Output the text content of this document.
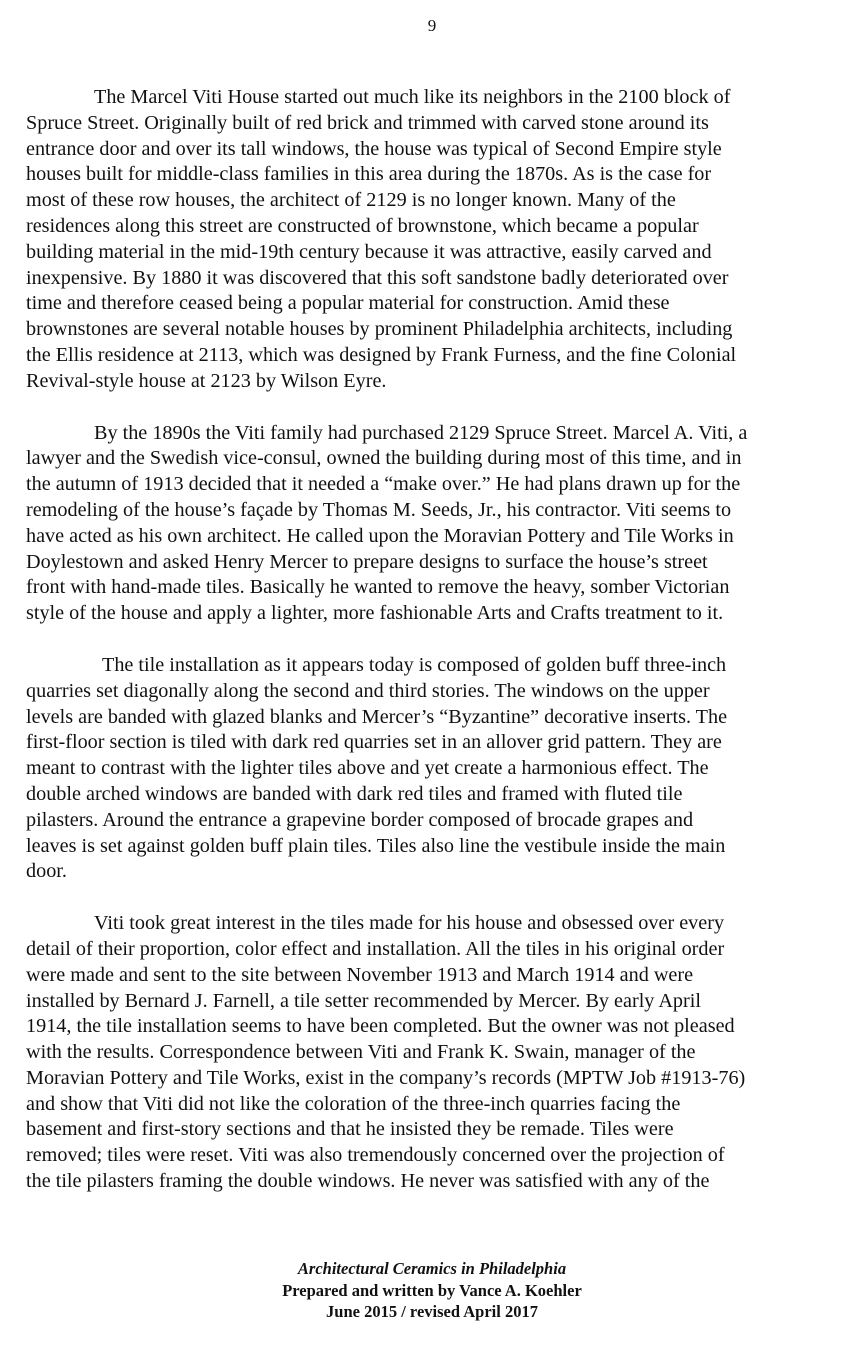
9

The Marcel Viti House started out much like its neighbors in the 2100 block of
Spruce Street. Originally built of red brick and trimmed with carved stone around its
entrance door and over its tall windows, the house was typical of Second Empire style
houses built for middle-class families in this area during the 1870s. As is the case for
most of these row houses, the architect of 2129 is no longer known. Many of the
residences along this street are constructed of brownstone, which became a popular
building material in the mid-19th century because it was attractive, easily carved and
inexpensive. By 1880 it was discovered that this soft sandstone badly deteriorated over
time and therefore ceased being a popular material for construction. Amid these
brownstones are several notable houses by prominent Philadelphia architects, including
the Ellis residence at 2113, which was designed by Frank Furness, and the fine Colonial
Revival-style house at 2123 by Wilson Eyre.

By the 1890s the Viti family had purchased 2129 Spruce Street. Marcel A. Viti, a
lawyer and the Swedish vice-consul, owned the building during most of this time, and in
the autumn of 1913 decided that it needed a “make over.” He had plans drawn up for the
remodeling of the house’s façade by Thomas M. Seeds, Jr., his contractor. Viti seems to
have acted as his own architect. He called upon the Moravian Pottery and Tile Works in
Doylestown and asked Henry Mercer to prepare designs to surface the house’s street
front with hand-made tiles. Basically he wanted to remove the heavy, somber Victorian
style of the house and apply a lighter, more fashionable Arts and Crafts treatment to it.

The tile installation as it appears today is composed of golden buff three-inch
quarries set diagonally along the second and third stories. The windows on the upper
levels are banded with glazed blanks and Mercer’s “Byzantine” decorative inserts. The
first-floor section is tiled with dark red quarries set in an allover grid pattern. They are
meant to contrast with the lighter tiles above and yet create a harmonious effect. The
double arched windows are banded with dark red tiles and framed with fluted tile
pilasters. Around the entrance a grapevine border composed of brocade grapes and
leaves is set against golden buff plain tiles. Tiles also line the vestibule inside the main
door.

Viti took great interest in the tiles made for his house and obsessed over every
detail of their proportion, color effect and installation. All the tiles in his original order
were made and sent to the site between November 1913 and March 1914 and were
installed by Bernard J. Farnell, a tile setter recommended by Mercer. By early April
1914, the tile installation seems to have been completed. But the owner was not pleased
with the results. Correspondence between Viti and Frank K. Swain, manager of the
Moravian Pottery and Tile Works, exist in the company’s records (MPTW Job #1913-76)
and show that Viti did not like the coloration of the three-inch quarries facing the
basement and first-story sections and that he insisted they be remade. Tiles were
removed; tiles were reset. Viti was also tremendously concerned over the projection of
the tile pilasters framing the double windows. He never was satisfied with any of the

Architectural Ceramics in Philadelphia
Prepared and written by Vance A. Koehler
June 2015 / revised April 2017
